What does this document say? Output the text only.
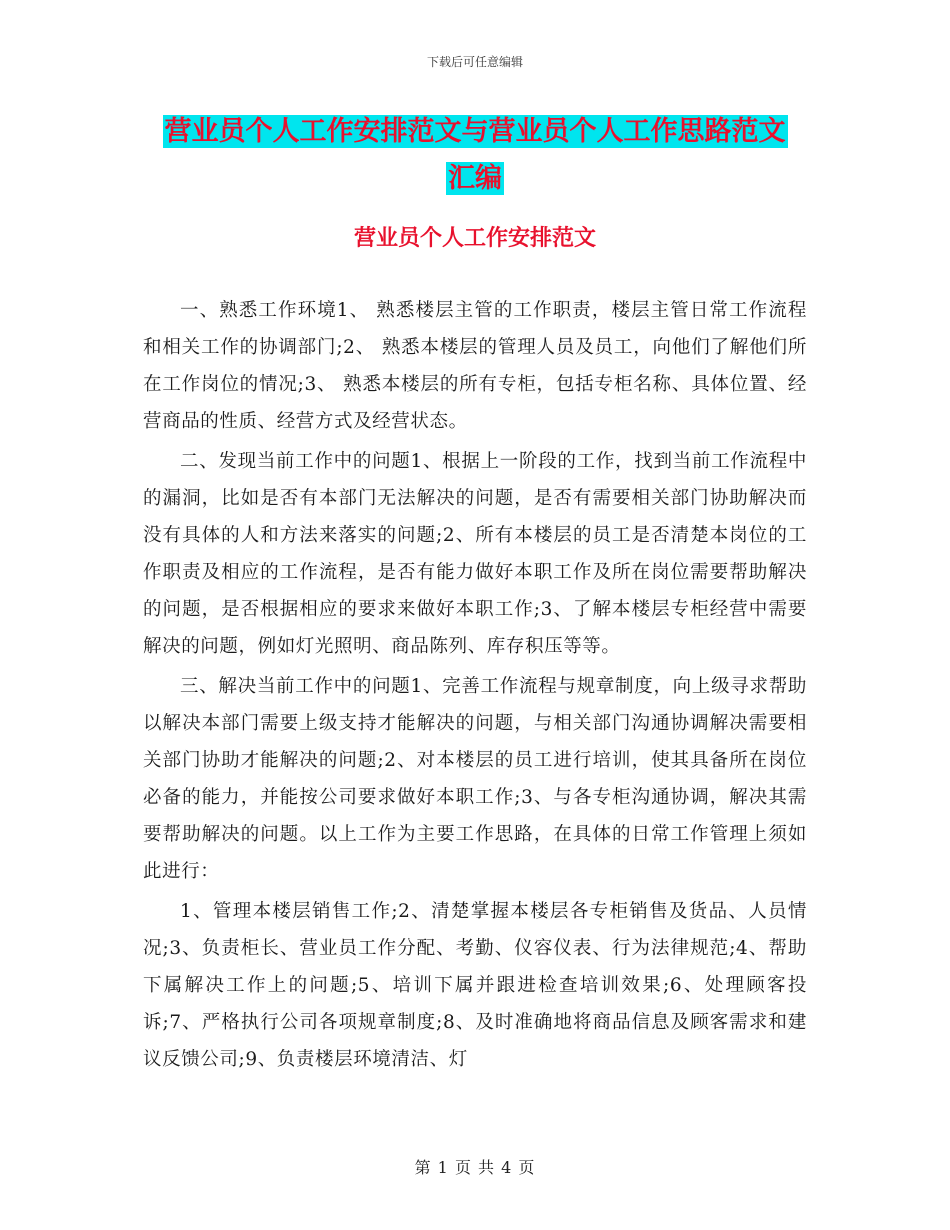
下载后可任意编辑
营业员个人工作安排范文与营业员个人工作思路范文
汇编
营业员个人工作安排范文

一、熟悉工作环境1、 熟悉楼层主管的工作职责，楼层主管日常工作流程和相关工作的协调部门;2、 熟悉本楼层的管理人员及员工，向他们了解他们所在工作岗位的情况;3、 熟悉本楼层的所有专柜，包括专柜名称、具体位置、经营商品的性质、经营方式及经营状态。

二、发现当前工作中的问题1、根据上一阶段的工作，找到当前工作流程中的漏洞，比如是否有本部门无法解决的问题，是否有需要相关部门协助解决而没有具体的人和方法来落实的问题;2、所有本楼层的员工是否清楚本岗位的工作职责及相应的工作流程，是否有能力做好本职工作及所在岗位需要帮助解决的问题，是否根据相应的要求来做好本职工作;3、了解本楼层专柜经营中需要解决的问题，例如灯光照明、商品陈列、库存积压等等。

三、解决当前工作中的问题1、完善工作流程与规章制度，向上级寻求帮助以解决本部门需要上级支持才能解决的问题，与相关部门沟通协调解决需要相关部门协助才能解决的问题;2、对本楼层的员工进行培训，使其具备所在岗位必备的能力，并能按公司要求做好本职工作;3、与各专柜沟通协调，解决其需要帮助解决的问题。以上工作为主要工作思路，在具体的日常工作管理上须如此进行：

1、管理本楼层销售工作;2、清楚掌握本楼层各专柜销售及货品、人员情况;3、负责柜长、营业员工作分配、考勤、仪容仪表、行为法律规范;4、帮助下属解决工作上的问题;5、培训下属并跟进检查培训效果;6、处理顾客投诉;7、严格执行公司各项规章制度;8、及时准确地将商品信息及顾客需求和建议反馈公司;9、负责楼层环境清洁、灯

第 1 页 共 4 页
